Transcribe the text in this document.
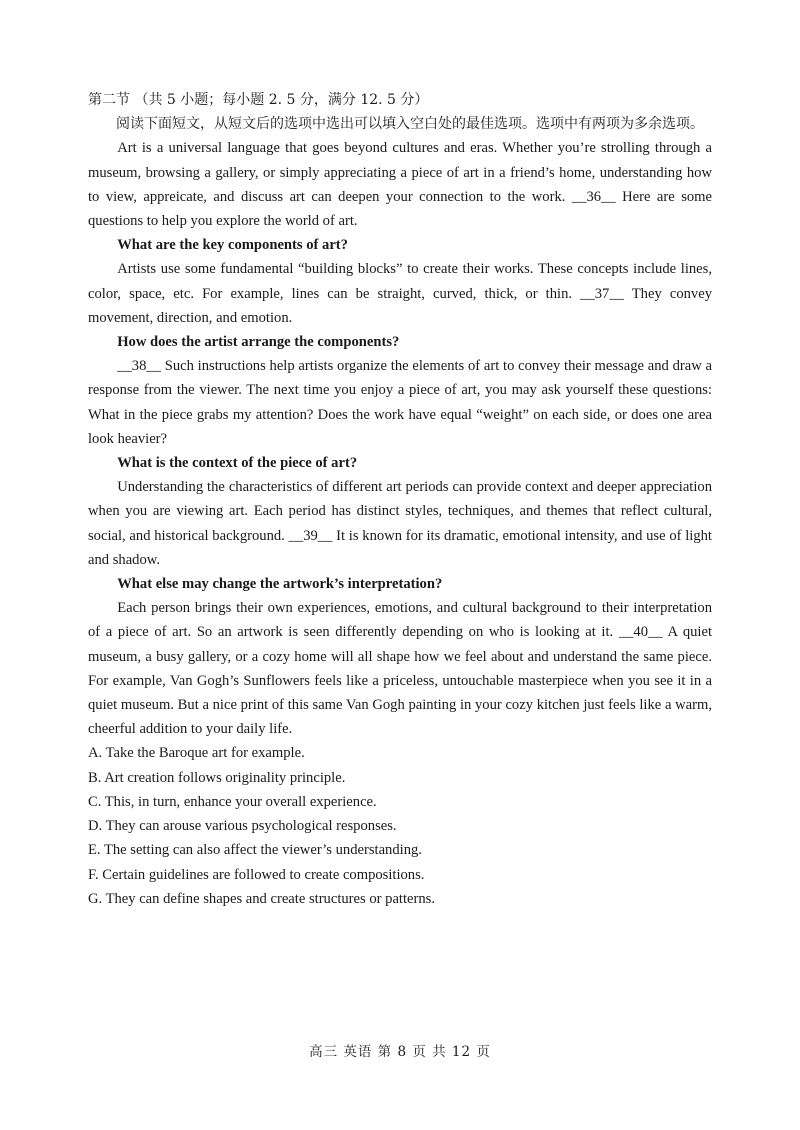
第二节 （共 5 小题；每小题 2. 5 分，满分 12. 5 分）
阅读下面短文，从短文后的选项中选出可以填入空白处的最佳选项。选项中有两项为多余选项。

Art is a universal language that goes beyond cultures and eras. Whether you’re strolling through a museum, browsing a gallery, or simply appreciating a piece of art in a friend’s home, understanding how to view, appreicate, and discuss art can deepen your connection to the work. __36__ Here are some questions to help you explore the world of art.

What are the key components of art?

Artists use some fundamental “building blocks” to create their works. These concepts include lines, color, space, etc. For example, lines can be straight, curved, thick, or thin. __37__ They convey movement, direction, and emotion.

How does the artist arrange the components?

__38__ Such instructions help artists organize the elements of art to convey their message and draw a response from the viewer. The next time you enjoy a piece of art, you may ask yourself these questions: What in the piece grabs my attention? Does the work have equal “weight” on each side, or does one area look heavier?

What is the context of the piece of art?

Understanding the characteristics of different art periods can provide context and deeper appreciation when you are viewing art. Each period has distinct styles, techniques, and themes that reflect cultural, social, and historical background. __39__ It is known for its dramatic, emotional intensity, and use of light and shadow.

What else may change the artwork’s interpretation?

Each person brings their own experiences, emotions, and cultural background to their interpretation of a piece of art. So an artwork is seen differently depending on who is looking at it. __40__ A quiet museum, a busy gallery, or a cozy home will all shape how we feel about and understand the same piece. For example, Van Gogh’s Sunflowers feels like a priceless, untouchable masterpiece when you see it in a quiet museum. But a nice print of this same Van Gogh painting in your cozy kitchen just feels like a warm, cheerful addition to your daily life.

A. Take the Baroque art for example.
B. Art creation follows originality principle.
C. This, in turn, enhance your overall experience.
D. They can arouse various psychological responses.
E. The setting can also affect the viewer’s understanding.
F. Certain guidelines are followed to create compositions.
G. They can define shapes and create structures or patterns.
高三 英语 第 8 页 共 12 页
